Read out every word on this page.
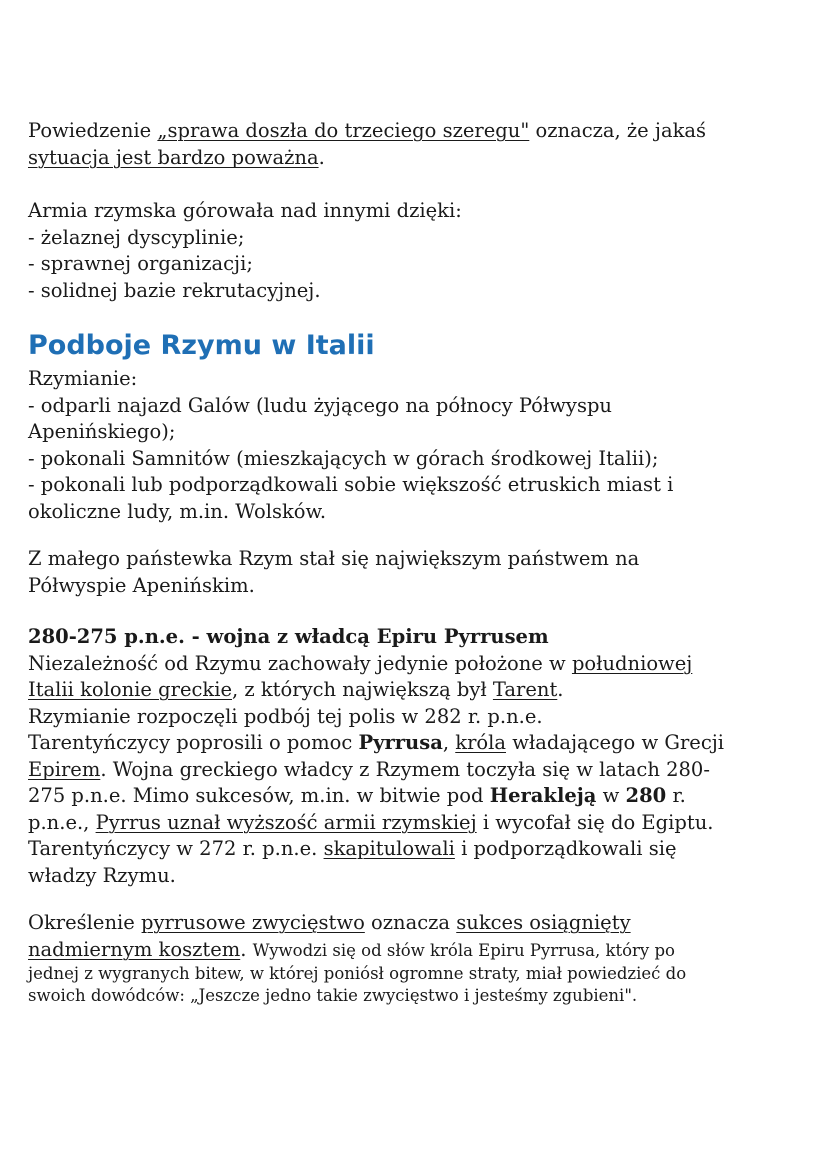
Powiedzenie „sprawa doszła do trzeciego szeregu" oznacza, że jakaś
sytuacja jest bardzo poważna.
Armia rzymska górowała nad innymi dzięki:
- żelaznej dyscyplinie;
- sprawnej organizacji;
- solidnej bazie rekrutacyjnej.
Podboje Rzymu w Italii
Rzymianie:
- odparli najazd Galów (ludu żyjącego na północy Półwyspu
Apenińskiego);
- pokonali Samnitów (mieszkających w górach środkowej Italii);
- pokonali lub podporządkowali sobie większość etruskich miast i
okoliczne ludy, m.in. Wolsków.
Z małego państewka Rzym stał się największym państwem na
Półwyspie Apenińskim.
280-275 p.n.e. - wojna z władcą Epiru Pyrrusem
Niezależność od Rzymu zachowały jedynie położone w południowej
Italii kolonie greckie, z których największą był Tarent.
Rzymianie rozpoczęli podbój tej polis w 282 r. p.n.e.
Tarentyńczycy poprosili o pomoc Pyrrusa, króla władającego w Grecji
Epirem. Wojna greckiego władcy z Rzymem toczyła się w latach 280-
275 p.n.e. Mimo sukcesów, m.in. w bitwie pod Herakleją w 280 r.
p.n.e., Pyrrus uznał wyższość armii rzymskiej i wycofał się do Egiptu.
Tarentyńczycy w 272 r. p.n.e. skapitulowali i podporządkowali się
władzy Rzymu.
Określenie pyrrusowe zwycięstwo oznacza sukces osiągnięty
nadmiernym kosztem. Wywodzi się od słów króla Epiru Pyrrusa, który po
jednej z wygranych bitew, w której poniósł ogromne straty, miał powiedzieć do
swoich dowódców: „Jeszcze jedno takie zwycięstwo i jesteśmy zgubieni".
